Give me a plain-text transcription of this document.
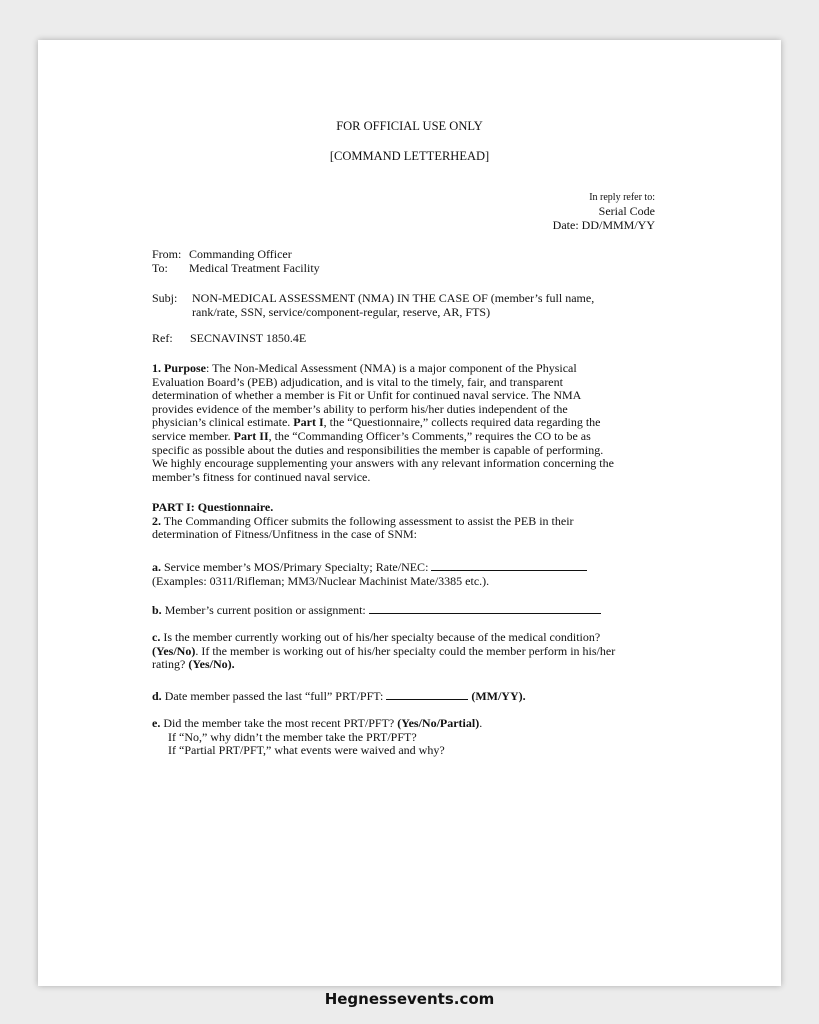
FOR OFFICIAL USE ONLY
[COMMAND LETTERHEAD]
In reply refer to:
Serial Code
Date: DD/MMM/YY
From: Commanding Officer
To:	Medical Treatment Facility
Subj:	NON-MEDICAL ASSESSMENT (NMA) IN THE CASE OF (member’s full name,
rank/rate, SSN, service/component-regular, reserve, AR, FTS)
Ref:	SECNAVINST 1850.4E
1. Purpose: The Non-Medical Assessment (NMA) is a major component of the Physical
Evaluation Board’s (PEB) adjudication, and is vital to the timely, fair, and transparent
determination of whether a member is Fit or Unfit for continued naval service. The NMA
provides evidence of the member’s ability to perform his/her duties independent of the
physician’s clinical estimate. Part I, the “Questionnaire,” collects required data regarding the
service member. Part II, the “Commanding Officer’s Comments,” requires the CO to be as
specific as possible about the duties and responsibilities the member is capable of performing.
We highly encourage supplementing your answers with any relevant information concerning the
member’s fitness for continued naval service.
PART I: Questionnaire.
2. The Commanding Officer submits the following assessment to assist the PEB in their
determination of Fitness/Unfitness in the case of SNM:
a. Service member’s MOS/Primary Specialty; Rate/NEC:
(Examples: 0311/Rifleman; MM3/Nuclear Machinist Mate/3385 etc.).
b. Member’s current position or assignment:
c. Is the member currently working out of his/her specialty because of the medical condition?
(Yes/No). If the member is working out of his/her specialty could the member perform in his/her
rating? (Yes/No).
d. Date member passed the last “full” PRT/PFT:	(MM/YY).
e. Did the member take the most recent PRT/PFT? (Yes/No/Partial).
If “No,” why didn’t the member take the PRT/PFT?
If “Partial PRT/PFT,” what events were waived and why?
Hegnessevents.com
